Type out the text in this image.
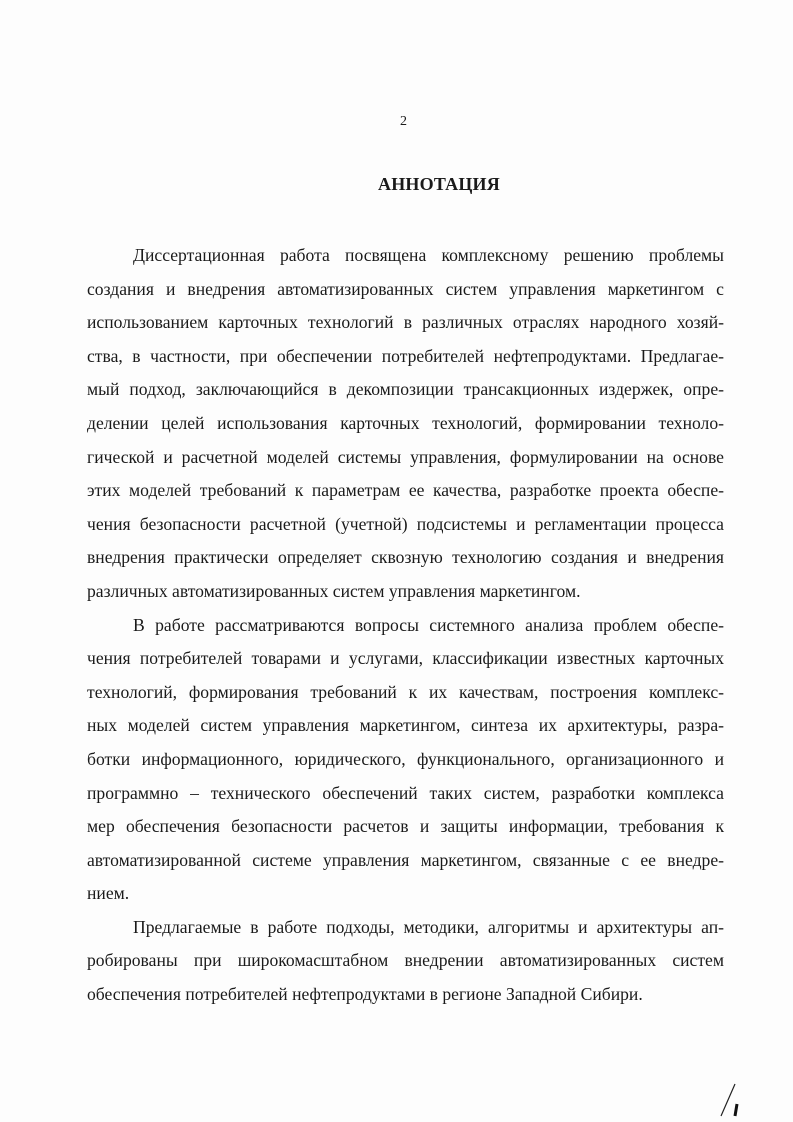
2
АННОТАЦИЯ
Диссертационная работа посвящена комплексному решению проблемы
создания и внедрения автоматизированных систем управления маркетингом с
использованием карточных технологий в различных отраслях народного хозяй-
ства, в частности, при обеспечении потребителей нефтепродуктами. Предлагае-
мый подход, заключающийся в декомпозиции трансакционных издержек, опре-
делении целей использования карточных технологий, формировании техноло-
гической и расчетной моделей системы управления, формулировании на основе
этих моделей требований к параметрам ее качества, разработке проекта обеспе-
чения безопасности расчетной (учетной) подсистемы и регламентации процесса
внедрения практически определяет сквозную технологию создания и внедрения
различных автоматизированных систем управления маркетингом.
В работе рассматриваются вопросы системного анализа проблем обеспе-
чения потребителей товарами и услугами, классификации известных карточных
технологий, формирования требований к их качествам, построения комплекс-
ных моделей систем управления маркетингом, синтеза их архитектуры, разра-
ботки информационного, юридического, функционального, организационного и
программно – технического обеспечений таких систем, разработки комплекса
мер обеспечения безопасности расчетов и защиты информации, требования к
автоматизированной системе управления маркетингом, связанные с ее внедре-
нием.
Предлагаемые в работе подходы, методики, алгоритмы и архитектуры ап-
робированы при широкомасштабном внедрении автоматизированных систем
обеспечения потребителей нефтепродуктами в регионе Западной Сибири.
